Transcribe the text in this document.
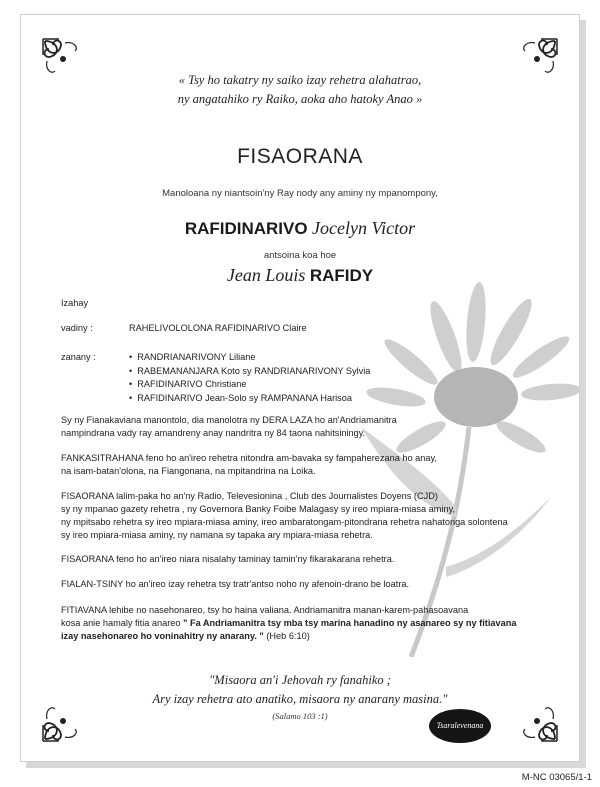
« Tsy ho takatry ny saiko izay rehetra alahatrao,
ny angatahiko ry Raiko, aoka aho hatoky Anao »
FISAORANA
Manoloana ny niantsoin'ny Ray nody any aminy ny mpanompony,
RAFIDINARIVO Jocelyn Victor
antsoina koa hoe
Jean Louis RAFIDY
Izahay
vadiny :	RAHELIVOLOLONA RAFIDINARIVO Claire
zanany :
•	RANDRIANARIVONY Liliane
• RABEMANANJARA Koto sy RANDRIANARIVONY Sylvia
• RAFIDINARIVO Christiane
• RAFIDINARIVO Jean-Solo sy RAMPANANA Harisoa
Sy ny Fianakaviana manontolo, dia manolotra ny DERA LAZA ho an'Andriamanitra
nampindrana vady ray amandreny anay nandritra ny 84 taona nahitsiningy.
FANKASITRAHANA feno ho an'ireo rehetra nitondra am-bavaka sy fampaherezana ho anay,
na isam-batan'olona, na Fiangonana, na mpitandrina na Loika.
FISAORANA lalim-paka ho an'ny Radio, Televesionina , Club des Journalistes Doyens (CJD)
sy ny mpanao gazety rehetra , ny Governora Banky Foibe Malagasy sy ireo mpiara-miasa aminy,
ny mpitsabo rehetra sy ireo mpiara-miasa aminy, ireo ambaratongam-pitondrana rehetra nahatonga solontena
sy ireo mpiara-miasa aminy, ny namana sy tapaka ary mpiara-miasa rehetra.
FISAORANA feno ho an'ireo niara nisalahy taminay tamin'ny fikarakarana rehetra.
FIALAN-TSINY ho an'ireo izay rehetra tsy tratr'antso noho ny afenoin-drano be loatra.
FITIAVANA lehibe no nasehonareo, tsy ho haina valiana. Andriamanitra manan-karem-pahasoavana
kosa anie hamaly fitia anareo " Fa Andriamanitra tsy mba tsy marina hanadino ny asanareo sy ny fitiavana
izay nasehonareo ho voninahitry ny anarany. " (Heb 6:10)
"Misaora an'i Jehovah ry fanahiko ;
Ary izay rehetra ato anatiko, misaora ny anarany masina."
(Salamo 103 :1)
Tsaralevenana
M-NC 03065/1-1
